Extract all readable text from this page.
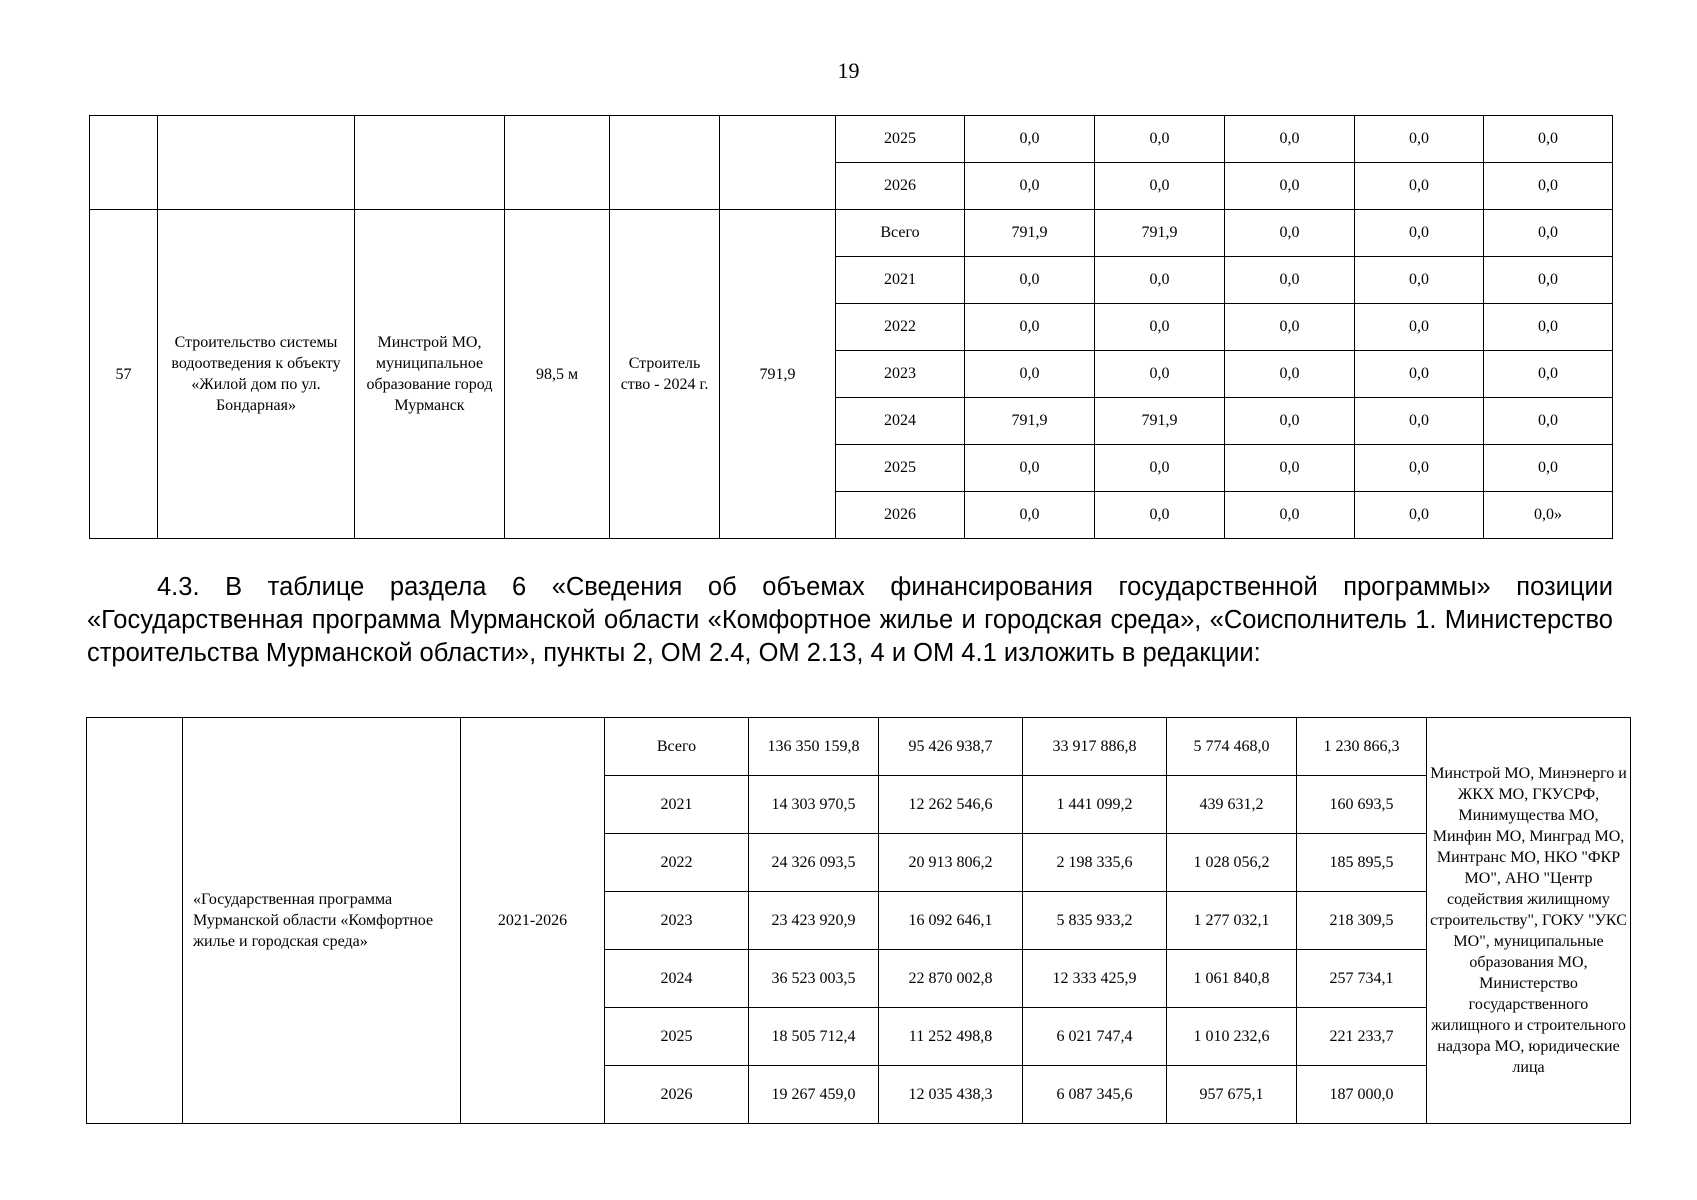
19
						2025	0,0	0,0	0,0	0,0	0,0
						2026	0,0	0,0	0,0	0,0	0,0
57	Строительство системы водоотведения к объекту «Жилой дом по ул. Бондарная»	Минстрой МО, муниципальное образование город Мурманск	98,5 м	Строитель ство - 2024 г.	791,9	Всего	791,9	791,9	0,0	0,0	0,0
						2021	0,0	0,0	0,0	0,0	0,0
						2022	0,0	0,0	0,0	0,0	0,0
						2023	0,0	0,0	0,0	0,0	0,0
						2024	791,9	791,9	0,0	0,0	0,0
						2025	0,0	0,0	0,0	0,0	0,0
						2026	0,0	0,0	0,0	0,0	0,0»

4.3. В таблице раздела 6 «Сведения об объемах финансирования государственной программы» позиции «Государственная программа Мурманской области «Комфортное жилье и городская среда», «Соисполнитель 1. Министерство строительства Мурманской области», пункты 2, ОМ 2.4, ОМ 2.13, 4 и ОМ 4.1 изложить в редакции:

	«Государственная программа Мурманской области «Комфортное жилье и городская среда»	2021-2026	Всего	136 350 159,8	95 426 938,7	33 917 886,8	5 774 468,0	1 230 866,3	Минстрой МО, Минэнерго и ЖКХ МО, ГКУСРФ, Минимущества МО, Минфин МО, Минград МО, Минтранс МО, НКО "ФКР МО", АНО "Центр содействия жилищному строительству", ГОКУ "УКС МО", муниципальные образования МО, Министерство государственного жилищного и строительного надзора МО, юридические лица
			2021	14 303 970,5	12 262 546,6	1 441 099,2	439 631,2	160 693,5	
			2022	24 326 093,5	20 913 806,2	2 198 335,6	1 028 056,2	185 895,5	
			2023	23 423 920,9	16 092 646,1	5 835 933,2	1 277 032,1	218 309,5	
			2024	36 523 003,5	22 870 002,8	12 333 425,9	1 061 840,8	257 734,1	
			2025	18 505 712,4	11 252 498,8	6 021 747,4	1 010 232,6	221 233,7	
			2026	19 267 459,0	12 035 438,3	6 087 345,6	957 675,1	187 000,0	
